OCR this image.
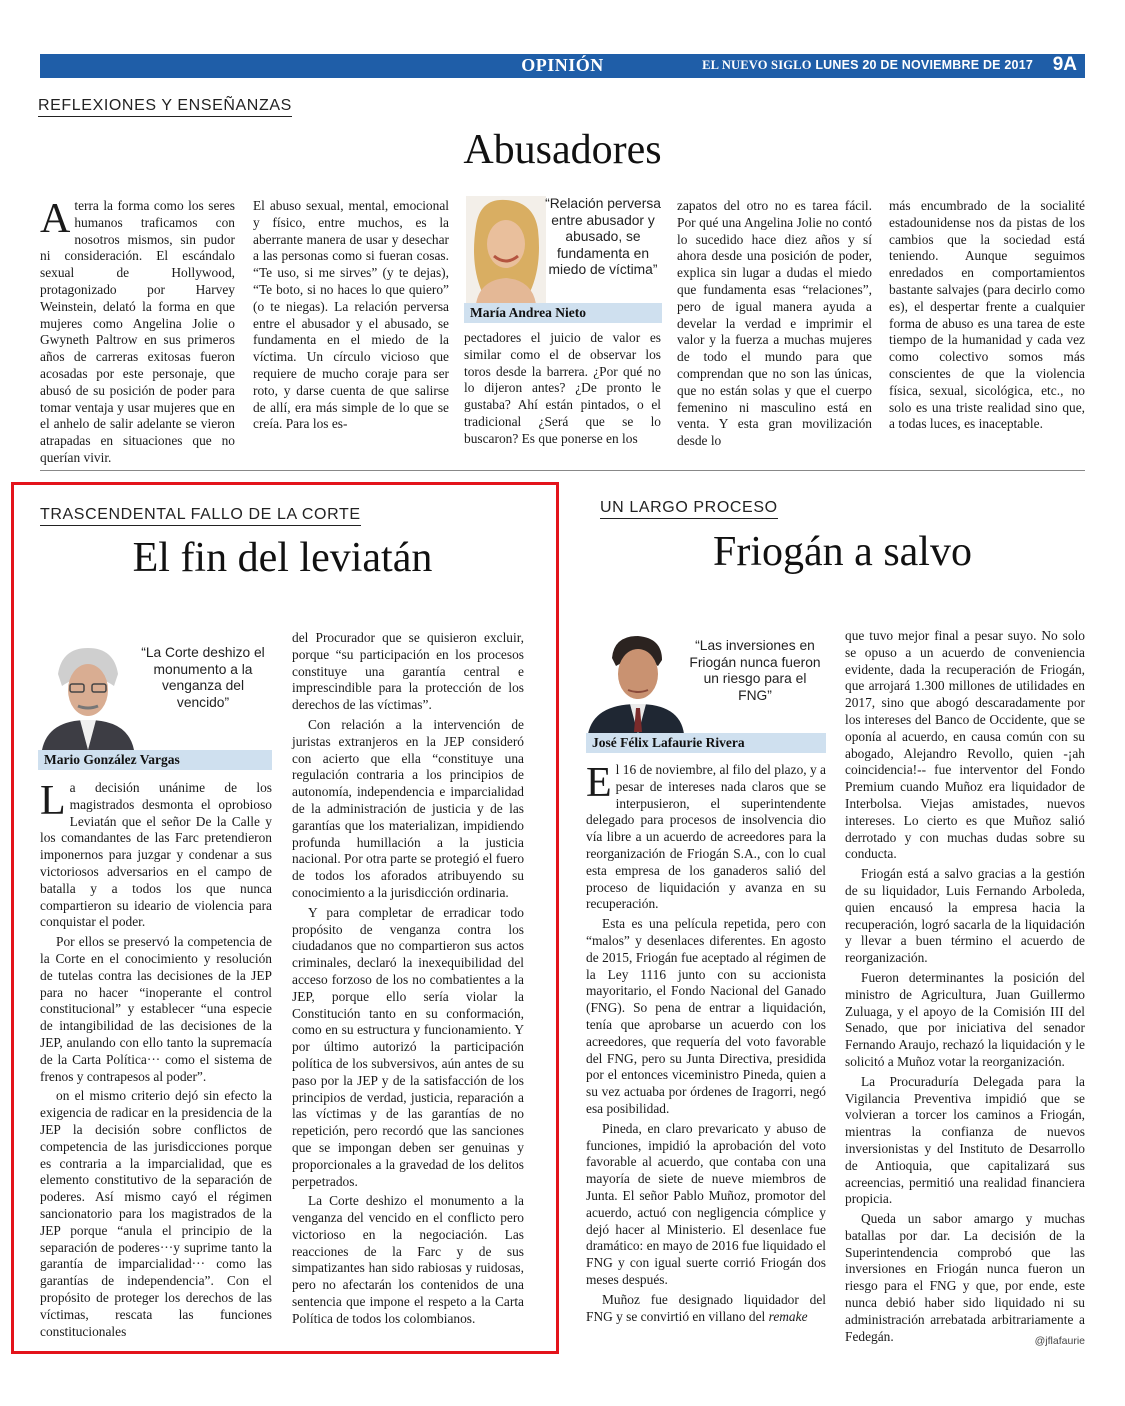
OPINIÓN	EL NUEVO SIGLO LUNES 20 DE NOVIEMBRE DE 2017 9A
REFLEXIONES Y ENSEÑANZAS
Abusadores

Aterra la forma como los seres humanos traficamos con nosotros mismos, sin pudor ni consideración. El escándalo sexual de Hollywood, protagonizado por Harvey Weinstein, delató la forma en que mujeres como Angelina Jolie o Gwyneth Paltrow en sus primeros años de carreras exitosas fueron acosadas por este personaje, que abusó de su posición de poder para tomar ventaja y usar mujeres que en el anhelo de salir adelante se vieron atrapadas en situaciones que no querían vivir.

El abuso sexual, mental, emocional y físico, entre muchos, es la aberrante manera de usar y desechar a las personas como si fueran cosas. “Te uso, si me sirves” (y te dejas), “Te boto, si no haces lo que quiero” (o te niegas). La relación perversa entre el abusador y el abusado, se fundamenta en el miedo de la víctima. Un círculo vicioso que requiere de mucho coraje para ser roto, y darse cuenta de que salirse de allí, era más simple de lo que se creía. Para los es-

“Relación perversa entre abusador y abusado, se fundamenta en miedo de víctima”
María Andrea Nieto

pectadores el juicio de valor es similar como el de observar los toros desde la barrera. ¿Por qué no lo dijeron antes? ¿De pronto le gustaba? Ahí están pintados, o el tradicional ¿Será que se lo buscaron? Es que ponerse en los

zapatos del otro no es tarea fácil. Por qué una Angelina Jolie no contó lo sucedido hace diez años y sí ahora desde una posición de poder, explica sin lugar a dudas el miedo que fundamenta esas “relaciones”, pero de igual manera ayuda a develar la verdad e imprimir el valor y la fuerza a muchas mujeres de todo el mundo para que comprendan que no son las únicas, que no están solas y que el cuerpo femenino ni masculino está en venta. Y esta gran movilización desde lo

más encumbrado de la socialité estadounidense nos da pistas de los cambios que la sociedad está teniendo. Aunque seguimos enredados en comportamientos bastante salvajes (para decirlo como es), el despertar frente a cualquier forma de abuso es una tarea de este tiempo de la humanidad y cada vez como colectivo somos más conscientes de que la violencia física, sexual, sicológica, etc., no solo es una triste realidad sino que, a todas luces, es inaceptable.

TRASCENDENTAL FALLO DE LA CORTE
El fin del leviatán
“La Corte deshizo el monumento a la venganza del vencido”
Mario González Vargas

La decisión unánime de los magistrados desmonta el oprobioso Leviatán que el señor De la Calle y los comandantes de las Farc pretendieron imponernos para juzgar y condenar a sus victoriosos adversarios en el campo de batalla y a todos los que nunca compartieron su ideario de violencia para conquistar el poder.

Por ellos se preservó la competencia de la Corte en el conocimiento y resolución de tutelas contra las decisiones de la JEP para no hacer “inoperante el control constitucional” y establecer “una especie de intangibilidad de las decisiones de la JEP, anulando con ello tanto la supremacía de la Carta Política··· como el sistema de frenos y contrapesos al poder”.

on el mismo criterio dejó sin efecto la exigencia de radicar en la presidencia de la JEP la decisión sobre conflictos de competencia de las jurisdicciones porque es contraria a la imparcialidad, que es elemento constitutivo de la separación de poderes. Así mismo cayó el régimen sancionatorio para los magistrados de la JEP porque “anula el principio de la separación de poderes···y suprime tanto la garantía de imparcialidad··· como las garantías de independencia”. Con el propósito de proteger los derechos de las víctimas, rescata las funciones constitucionales

del Procurador que se quisieron excluir, porque “su participación en los procesos constituye una garantía central e imprescindible para la protección de los derechos de las víctimas”.

Con relación a la intervención de juristas extranjeros en la JEP consideró con acierto que ella “constituye una regulación contraria a los principios de autonomía, independencia e imparcialidad de la administración de justicia y de las garantías que los materializan, impidiendo profunda humillación a la justicia nacional. Por otra parte se protegió el fuero de todos los aforados atribuyendo su conocimiento a la jurisdicción ordinaria.

Y para completar de erradicar todo propósito de venganza contra los ciudadanos que no compartieron sus actos criminales, declaró la inexequibilidad del acceso forzoso de los no combatientes a la JEP, porque ello sería violar la Constitución tanto en su conformación, como en su estructura y funcionamiento. Y por último autorizó la participación política de los subversivos, aún antes de su paso por la JEP y de la satisfacción de los principios de verdad, justicia, reparación a las víctimas y de las garantías de no repetición, pero recordó que las sanciones que se impongan deben ser genuinas y proporcionales a la gravedad de los delitos perpetrados.

La Corte deshizo el monumento a la venganza del vencido en el conflicto pero victorioso en la negociación. Las reacciones de la Farc y de sus simpatizantes han sido rabiosas y ruidosas, pero no afectarán los contenidos de una sentencia que impone el respeto a la Carta Política de todos los colombianos.

UN LARGO PROCESO
Friogán a salvo
“Las inversiones en Friogán nunca fueron un riesgo para el FNG”
José Félix Lafaurie Rivera

El 16 de noviembre, al filo del plazo, y a pesar de intereses nada claros que se interpusieron, el superintendente delegado para procesos de insolvencia dio vía libre a un acuerdo de acreedores para la reorganización de Friogán S.A., con lo cual esta empresa de los ganaderos salió del proceso de liquidación y avanza en su recuperación.

Esta es una película repetida, pero con “malos” y desenlaces diferentes. En agosto de 2015, Friogán fue aceptado al régimen de la Ley 1116 junto con su accionista mayoritario, el Fondo Nacional del Ganado (FNG). So pena de entrar a liquidación, tenía que aprobarse un acuerdo con los acreedores, que requería del voto favorable del FNG, pero su Junta Directiva, presidida por el entonces viceministro Pineda, quien a su vez actuaba por órdenes de Iragorri, negó esa posibilidad.

Pineda, en claro prevaricato y abuso de funciones, impidió la aprobación del voto favorable al acuerdo, que contaba con una mayoría de siete de nueve miembros de Junta. El señor Pablo Muñoz, promotor del acuerdo, actuó con negligencia cómplice y dejó hacer al Ministerio. El desenlace fue dramático: en mayo de 2016 fue liquidado el FNG y con igual suerte corrió Friogán dos meses después.

Muñoz fue designado liquidador del FNG y se convirtió en villano del remake

que tuvo mejor final a pesar suyo. No solo se opuso a un acuerdo de conveniencia evidente, dada la recuperación de Friogán, que arrojará 1.300 millones de utilidades en 2017, sino que abogó descaradamente por los intereses del Banco de Occidente, que se oponía al acuerdo, en causa común con su abogado, Alejandro Revollo, quien -¡ah coincidencia!-- fue interventor del Fondo Premium cuando Muñoz era liquidador de Interbolsa. Viejas amistades, nuevos intereses. Lo cierto es que Muñoz salió derrotado y con muchas dudas sobre su conducta.

Friogán está a salvo gracias a la gestión de su liquidador, Luis Fernando Arboleda, quien encausó la empresa hacia la recuperación, logró sacarla de la liquidación y llevar a buen término el acuerdo de reorganización.

Fueron determinantes la posición del ministro de Agricultura, Juan Guillermo Zuluaga, y el apoyo de la Comisión III del Senado, que por iniciativa del senador Fernando Araujo, rechazó la liquidación y le solicitó a Muñoz votar la reorganización.

La Procuraduría Delegada para la Vigilancia Preventiva impidió que se volvieran a torcer los caminos a Friogán, mientras la confianza de nuevos inversionistas y del Instituto de Desarrollo de Antioquia, que capitalizará sus acreencias, permitió una realidad financiera propicia.

Queda un sabor amargo y muchas batallas por dar. La decisión de la Superintendencia comprobó que las inversiones en Friogán nunca fueron un riesgo para el FNG y que, por ende, este nunca debió haber sido liquidado ni su administración arrebatada arbitrariamente a Fedegán.	@jflafaurie
